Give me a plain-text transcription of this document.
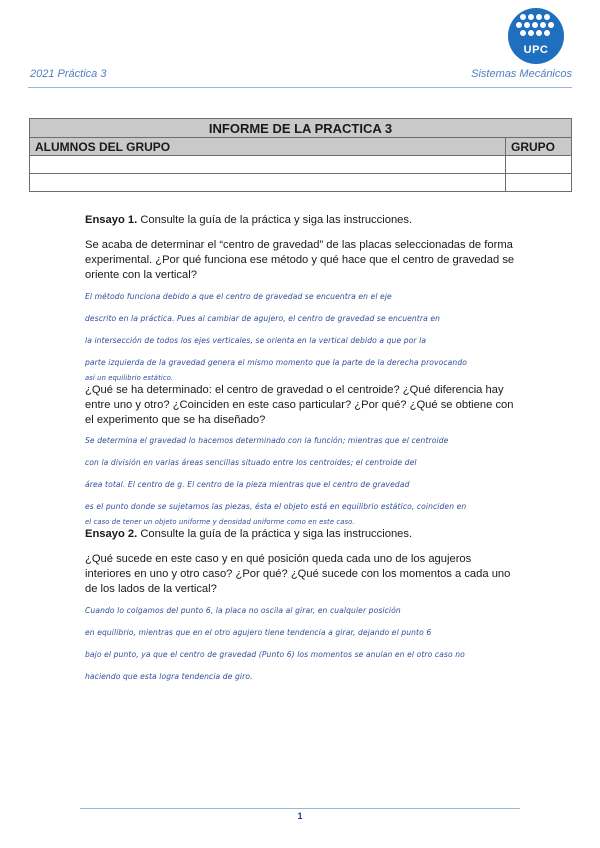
UPC
2021 Práctica 3	Sistemas Mecánicos
INFORME DE LA PRACTICA 3	
ALUMNOS DEL GRUPO	GRUPO

Ensayo 1. Consulte la guía de la práctica y siga las instrucciones.

Se acaba de determinar el “centro de gravedad” de las placas seleccionadas de forma experimental. ¿Por qué funciona ese método y qué hace que el centro de gravedad se oriente con la vertical?

El método funciona debido a que el centro de gravedad se encuentra en el eje

descrito en la práctica. Pues al cambiar de agujero, el centro de gravedad se encuentra en

la intersección de todos los ejes verticales, se orienta en la vertical debido a que por la

parte izquierda de la gravedad genera el mismo momento que la parte de la derecha provocando

así un equilibrio estático.

¿Qué se ha determinado: el centro de gravedad o el centroide? ¿Qué diferencia hay entre uno y otro? ¿Coinciden en este caso particular? ¿Por qué? ¿Qué se obtiene con el experimento que se ha diseñado?

Se determina el gravedad lo hacemos determinado con la función; mientras que el centroide

con la división en varias áreas sencillas situado entre los centroides; el centroide del

área total. El centro de g. El centro de la pieza mientras que el centro de gravedad

es el punto donde se sujetamos las piezas, ésta el objeto está en equilibrio estático, coinciden en

el caso de tener un objeto uniforme y densidad uniforme como en este caso.

Ensayo 2. Consulte la guía de la práctica y siga las instrucciones.

¿Qué sucede en este caso y en qué posición queda cada uno de los agujeros interiores en uno y otro caso? ¿Por qué? ¿Qué sucede con los momentos a cada uno de los lados de la vertical?

Cuando lo colgamos del punto 6, la placa no oscila al girar, en cualquier posición

en equilibrio, mientras que en el otro agujero tiene tendencia a girar, dejando el punto 6

bajo el punto, ya que el centro de gravedad (Punto 6) los momentos se anulan en el otro caso no

haciendo que esta logra tendencia de giro.

1
